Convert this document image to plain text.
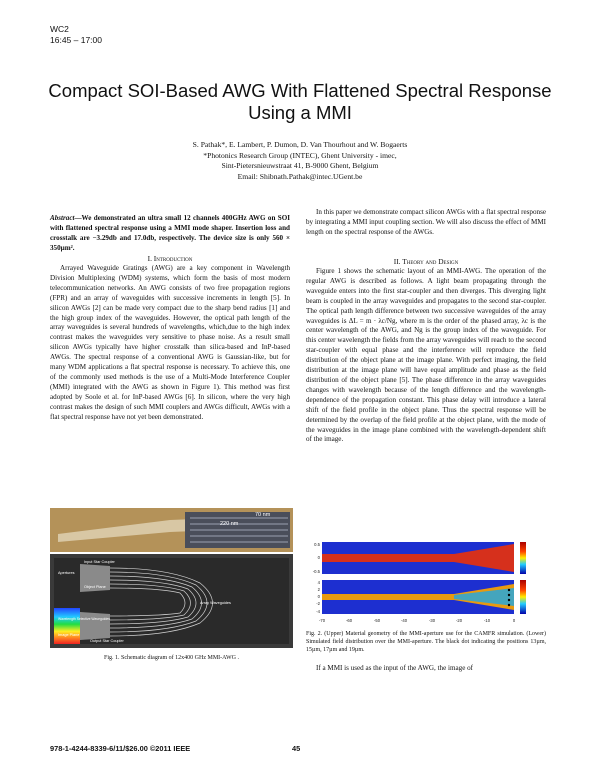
WC2
16:45 – 17:00
Compact SOI-Based AWG With Flattened Spectral Response Using a MMI
S. Pathak*, E. Lambert, P. Dumon, D. Van Thourhout and W. Bogaerts
*Photonics Research Group (INTEC), Ghent University - imec,
Sint-Pietersnieuwstraat 41, B-9000 Ghent, Belgium
Email: Shibnath.Pathak@intec.UGent.be
Abstract—We demonstrated an ultra small 12 channels 400GHz AWG on SOI with flattened spectral response using a MMI mode shaper. Insertion loss and crosstalk are −3.29db and 17.0db, respectively. The device size is only 560 × 350µm².
I. Introduction

Arrayed Waveguide Gratings (AWG) are a key component in Wavelength Division Multiplexing (WDM) systems, which form the basis of most modern telecommunication networks. An AWG consists of two free propagation regions (FPR) and an array of waveguides with successive increments in length [5]. In silicon AWGs [2] can be made very compact due to the sharp bend radius [1] and the high group index of the waveguides. However, the optical path length of the array waveguides is several hundreds of wavelengths, which,due to the high index contrast makes the waveguides very sensitive to phase noise. As a result small silicon AWGs typically have higher crosstalk than silica-based and InP-based AWGs. The spectral response of a conventional AWG is Gaussian-like, but for many WDM applications a flat spectral response is necessary. To achieve this, one of the commonly used methods is the use of a Multi-Mode Interference Coupler (MMI) integrated with the AWG as shown in Figure 1). This method was first adopted by Soole et al. for InP-based AWGs [6]. In silicon, where the very high contrast makes the design of such MMI couplers and AWGs difficult, AWGs with a flat spectral response have not yet been demonstrated.

220 nm
70 nm
Input Star Coupler
Apertures
Object Plane
Array Waveguides
Wavelength Selective Waveguides
Image Plane
Output Star Coupler
Fig. 1. Schematic diagram of 12x400 GHz MMI-AWG .

In this paper we demonstrate compact silicon AWGs with a flat spectral response by integrating a MMI input coupling section. We will also discuss the effect of MMI length on the spectral response of the AWGs.

II. Theory and Design

Figure 1 shows the schematic layout of an MMI-AWG. The operation of the regular AWG is described as follows. A light beam propagating through the waveguide enters into the first star-coupler and then diverges. This diverging light beam is coupled in the array waveguides and propagates to the second star-coupler. The optical path length difference between two successive waveguides of the array waveguides is ΔL = m · λc/Ng, where m is the order of the phased array, λc is the center wavelength of the AWG, and Ng is the group index of the waveguide. For this center wavelength the fields from the array waveguides will reach to the second star-coupler with equal phase and the interference will reproduce the field distribution of the object plane at the image plane. With perfect imaging, the field distribution at the image plane will have equal amplitude and phase as the field distribution of the object plane [5]. The phase difference in the array waveguides changes with wavelength because of the length difference and the wavelength-dependence of the propagation constant. This phase delay will introduce a lateral shift of the field profile in the object plane. Thus the spectral response will be determined by the overlap of the field profile at the object plane, with the mode of the waveguides in the image plane combined with the wavelength-dependent shift of the image.

0.5
0
-0.5
4
2
0
-2
-4
-70	-60	-50	-40	-30	-20	-10	0
Fig. 2. (Upper) Material geometry of the MMI-aperture use for the CAMFR simulation. (Lower) Simulated field distribution over the MMI-aperture. The black dot indicating the positions 13µm, 15µm, 17µm and 19µm.

If a MMI is used as the input of the AWG, the image of

978-1-4244-8339-6/11/$26.00 ©2011 IEEE	45
